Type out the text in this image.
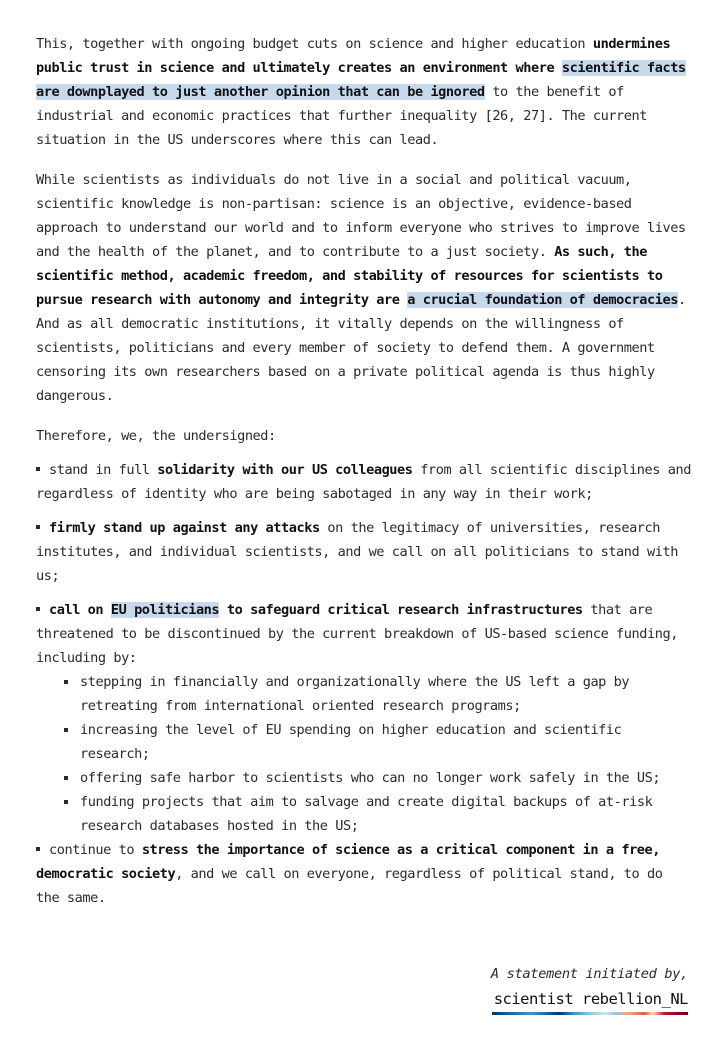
This, together with ongoing budget cuts on science and higher education undermines public trust in science and ultimately creates an environment where scientific facts are downplayed to just another opinion that can be ignored to the benefit of industrial and economic practices that further inequality [26, 27]. The current situation in the US underscores where this can lead.

While scientists as individuals do not live in a social and political vacuum, scientific knowledge is non-partisan: science is an objective, evidence-based approach to understand our world and to inform everyone who strives to improve lives and the health of the planet, and to contribute to a just society. As such, the scientific method, academic freedom, and stability of resources for scientists to pursue research with autonomy and integrity are a crucial foundation of democracies. And as all democratic institutions, it vitally depends on the willingness of scientists, politicians and every member of society to defend them. A government censoring its own researchers based on a private political agenda is thus highly dangerous.

Therefore, we, the undersigned:

stand in full solidarity with our US colleagues from all scientific disciplines and regardless of identity who are being sabotaged in any way in their work;

firmly stand up against any attacks on the legitimacy of universities, research institutes, and individual scientists, and we call on all politicians to stand with us;

call on EU politicians to safeguard critical research infrastructures that are threatened to be discontinued by the current breakdown of US-based science funding, including by:

stepping in financially and organizationally where the US left a gap by retreating from international oriented research programs;
increasing the level of EU spending on higher education and scientific research;
offering safe harbor to scientists who can no longer work safely in the US;
funding projects that aim to salvage and create digital backups of at-risk research databases hosted in the US;

continue to stress the importance of science as a critical component in a free, democratic society, and we call on everyone, regardless of political stand, to do the same.

A statement initiated by,
scientist rebellion_NL
